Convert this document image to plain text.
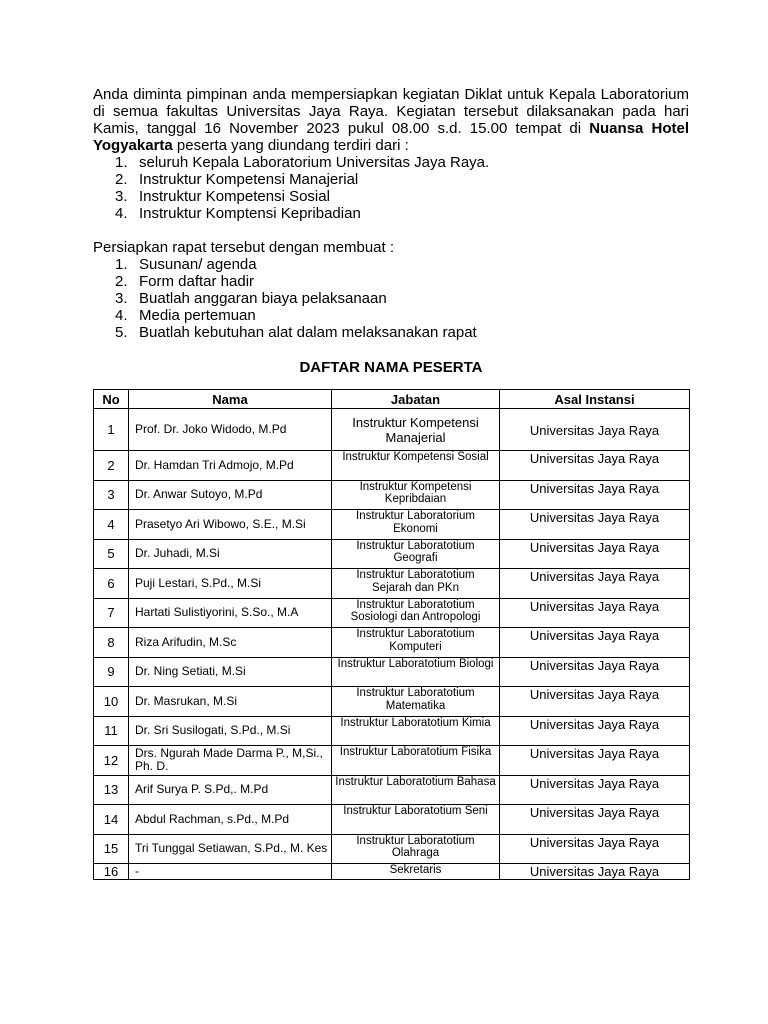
Anda diminta pimpinan anda mempersiapkan kegiatan Diklat untuk Kepala Laboratorium di semua fakultas Universitas Jaya Raya. Kegiatan tersebut dilaksanakan pada hari Kamis, tanggal 16 November 2023 pukul 08.00 s.d. 15.00 tempat di Nuansa Hotel Yogyakarta peserta yang diundang terdiri dari :

1. seluruh Kepala Laboratorium Universitas Jaya Raya.
2. Instruktur Kompetensi Manajerial
3. Instruktur Kompetensi Sosial
4. Instruktur Komptensi Kepribadian

Persiapkan rapat tersebut dengan membuat :

1. Susunan/ agenda
2. Form daftar hadir
3. Buatlah anggaran biaya pelaksanaan
4. Media pertemuan
5. Buatlah kebutuhan alat dalam melaksanakan rapat
DAFTAR NAMA PESERTA
No	Nama	Jabatan	Asal Instansi
1	Prof. Dr. Joko Widodo, M.Pd	Instruktur Kompetensi Manajerial	Universitas Jaya Raya
2	Dr. Hamdan Tri Admojo, M.Pd	Instruktur Kompetensi Sosial	Universitas Jaya Raya
3	Dr. Anwar Sutoyo, M.Pd	Instruktur Kompetensi Kepribdaian	Universitas Jaya Raya
4	Prasetyo Ari Wibowo, S.E., M.Si	Instruktur Laboratorium Ekonomi	Universitas Jaya Raya
5	Dr. Juhadi, M.Si	Instruktur Laboratotium Geografi	Universitas Jaya Raya
6	Puji Lestari, S.Pd., M.Si	Instruktur Laboratotium Sejarah dan PKn	Universitas Jaya Raya
7	Hartati Sulistiyorini, S.So., M.A	Instruktur Laboratotium Sosiologi dan Antropologi	Universitas Jaya Raya
8	Riza Arifudin, M.Sc	Instruktur Laboratotium Komputeri	Universitas Jaya Raya
9	Dr. Ning Setiati, M.Si	Instruktur Laboratotium Biologi	Universitas Jaya Raya
10	Dr. Masrukan, M.Si	Instruktur Laboratotium Matematika	Universitas Jaya Raya
11	Dr. Sri Susilogati, S.Pd., M.Si	Instruktur Laboratotium Kimia	Universitas Jaya Raya
12	Drs. Ngurah Made Darma P., M,Si., Ph. D.	Instruktur Laboratotium Fisika	Universitas Jaya Raya
13	Arif Surya P. S.Pd,. M.Pd	Instruktur Laboratotium Bahasa	Universitas Jaya Raya
14	Abdul Rachman, s.Pd., M.Pd	Instruktur Laboratotium Seni	Universitas Jaya Raya
15	Tri Tunggal Setiawan, S.Pd., M. Kes	Instruktur Laboratotium Olahraga	Universitas Jaya Raya
16	-	Sekretaris	Universitas Jaya Raya
